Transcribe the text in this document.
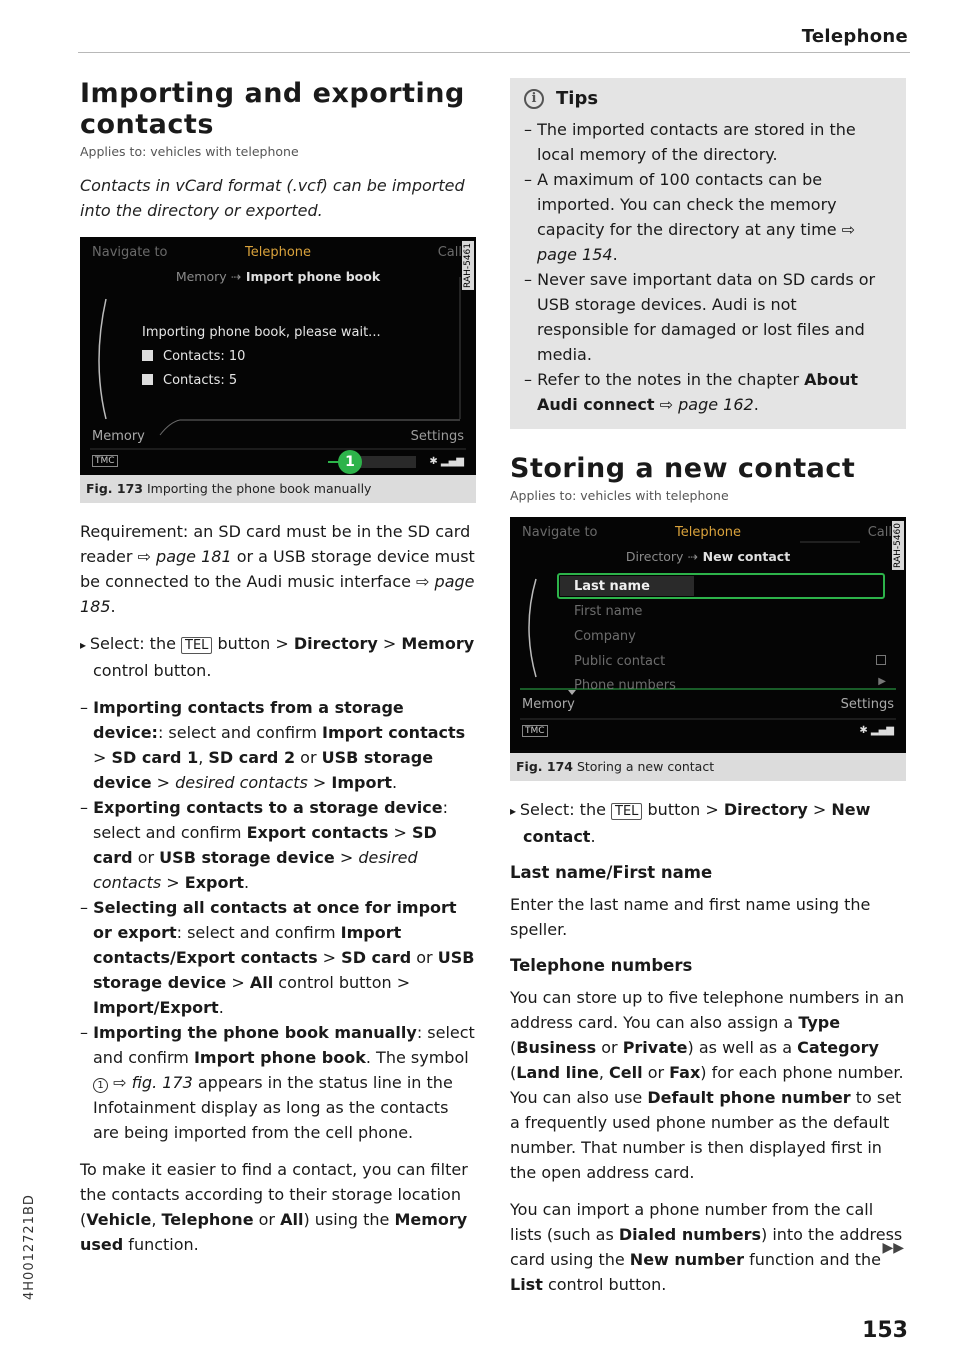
Telephone
4H0012721BD
Importing and exporting contacts
Applies to: vehicles with telephone
Contacts in vCard format (.vcf) can be imported into the directory or exported.
Navigate to	Telephone	Call RAH-5461
Memory ⇢ Import phone book
Importing phone book, please wait...
Contacts: 10
Contacts: 5
Memory	Settings
TMC	1	✱ ▂▄▆
Fig. 173 Importing the phone book manually

Requirement: an SD card must be in the SD card reader ⇨ page 181 or a USB storage device must be connected to the Audi music interface ⇨ page 185.

▸ Select: the TEL button > Directory > Memory control button.
– Importing contacts from a storage device:: select and confirm Import contacts > SD card 1, SD card 2 or USB storage device > desired contacts > Import.
– Exporting contacts to a storage device: select and confirm Export contacts > SD card or USB storage device > desired contacts > Export.
– Selecting all contacts at once for import or export: select and confirm Import contacts/Export contacts > SD card or USB storage device > All control button > Import/Export.
– Importing the phone book manually: select and confirm Import phone book. The symbol 1 ⇨ fig. 173 appears in the status line in the Infotainment display as long as the contacts are being imported from the cell phone.

To make it easier to find a contact, you can filter the contacts according to their storage location (Vehicle, Telephone or All) using the Memory used function.

i	Tips
– The imported contacts are stored in the local memory of the directory.
– A maximum of 100 contacts can be imported. You can check the memory capacity for the directory at any time ⇨ page 154.
– Never save important data on SD cards or USB storage devices. Audi is not responsible for damaged or lost files and media.
– Refer to the notes in the chapter About Audi connect ⇨ page 162.
Storing a new contact
Applies to: vehicles with telephone
Navigate to	Telephone	Call RAH-5460
Directory ⇢ New contact
Last name
First name
Company
Public contact
Phone numbers	▶
Memory	Settings
TMC	✱ ▂▄▆
Fig. 174 Storing a new contact
▸ Select: the TEL button > Directory > New contact.
Last name/First name

Enter the last name and first name using the speller.

Telephone numbers

You can store up to five telephone numbers in an address card. You can also assign a Type (Business or Private) as well as a Category (Land line, Cell or Fax) for each phone number. You can also use Default phone number to set a frequently used phone number as the default number. That number is then displayed first in the open address card.

You can import a phone number from the call lists (such as Dialed numbers) into the address card using the New number function and the List control button.

▶▶
153
